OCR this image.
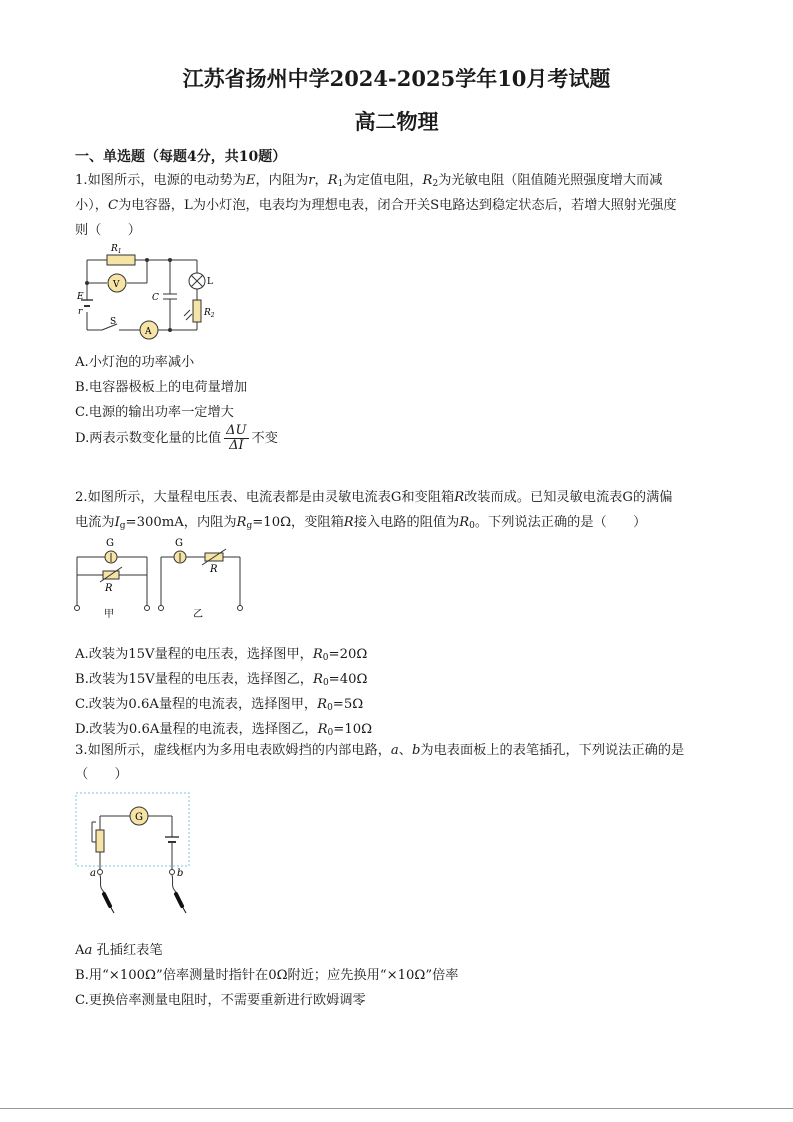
江苏省扬州中学2024-2025学年10月考试题
高二物理
一、单选题（每题4分，共10题）
1.如图所示，电源的电动势为E，内阻为r，$R_1$为定值电阻，$R_2$为光敏电阻（阻值随光照强度增大而减
小），C为电容器，L为小灯泡，电表均为理想电表，闭合开关S电路达到稳定状态后，若增大照射光强度
则（　　）
$R_1$
V	L
E
r
C
$R_2$
S
A
A.小灯泡的功率减小
B.电容器极板上的电荷量增加
C.电源的输出功率一定增大
D.两表示数变化量的比值 $\frac{\Delta U}{\Delta I}$ 不变
2.如图所示，大量程电压表、电流表都是由灵敏电流表G和变阻箱R改装而成。已知灵敏电流表G的满偏
电流为$I_g=300mA$，内阻为$R_g=10\Omega$，变阻箱R接入电路的阻值为$R_0$。下列说法正确的是（　　）
G
R
甲
G
R
乙
A.改装为15V量程的电压表，选择图甲，$R_0=20\Omega$
B.改装为15V量程的电压表，选择图乙，$R_0=40\Omega$
C.改装为0.6A量程的电流表，选择图甲，$R_0=5\Omega$
D.改装为0.6A量程的电流表，选择图乙，$R_0=10\Omega$
3.如图所示，虚线框内为多用电表欧姆挡的内部电路，a、b为电表面板上的表笔插孔，下列说法正确的是
（　　）
G
a	b
Aa 孔插红表笔
B.用“×100Ω”倍率测量时指针在0Ω附近；应先换用“×10Ω”倍率
C.更换倍率测量电阻时，不需要重新进行欧姆调零
